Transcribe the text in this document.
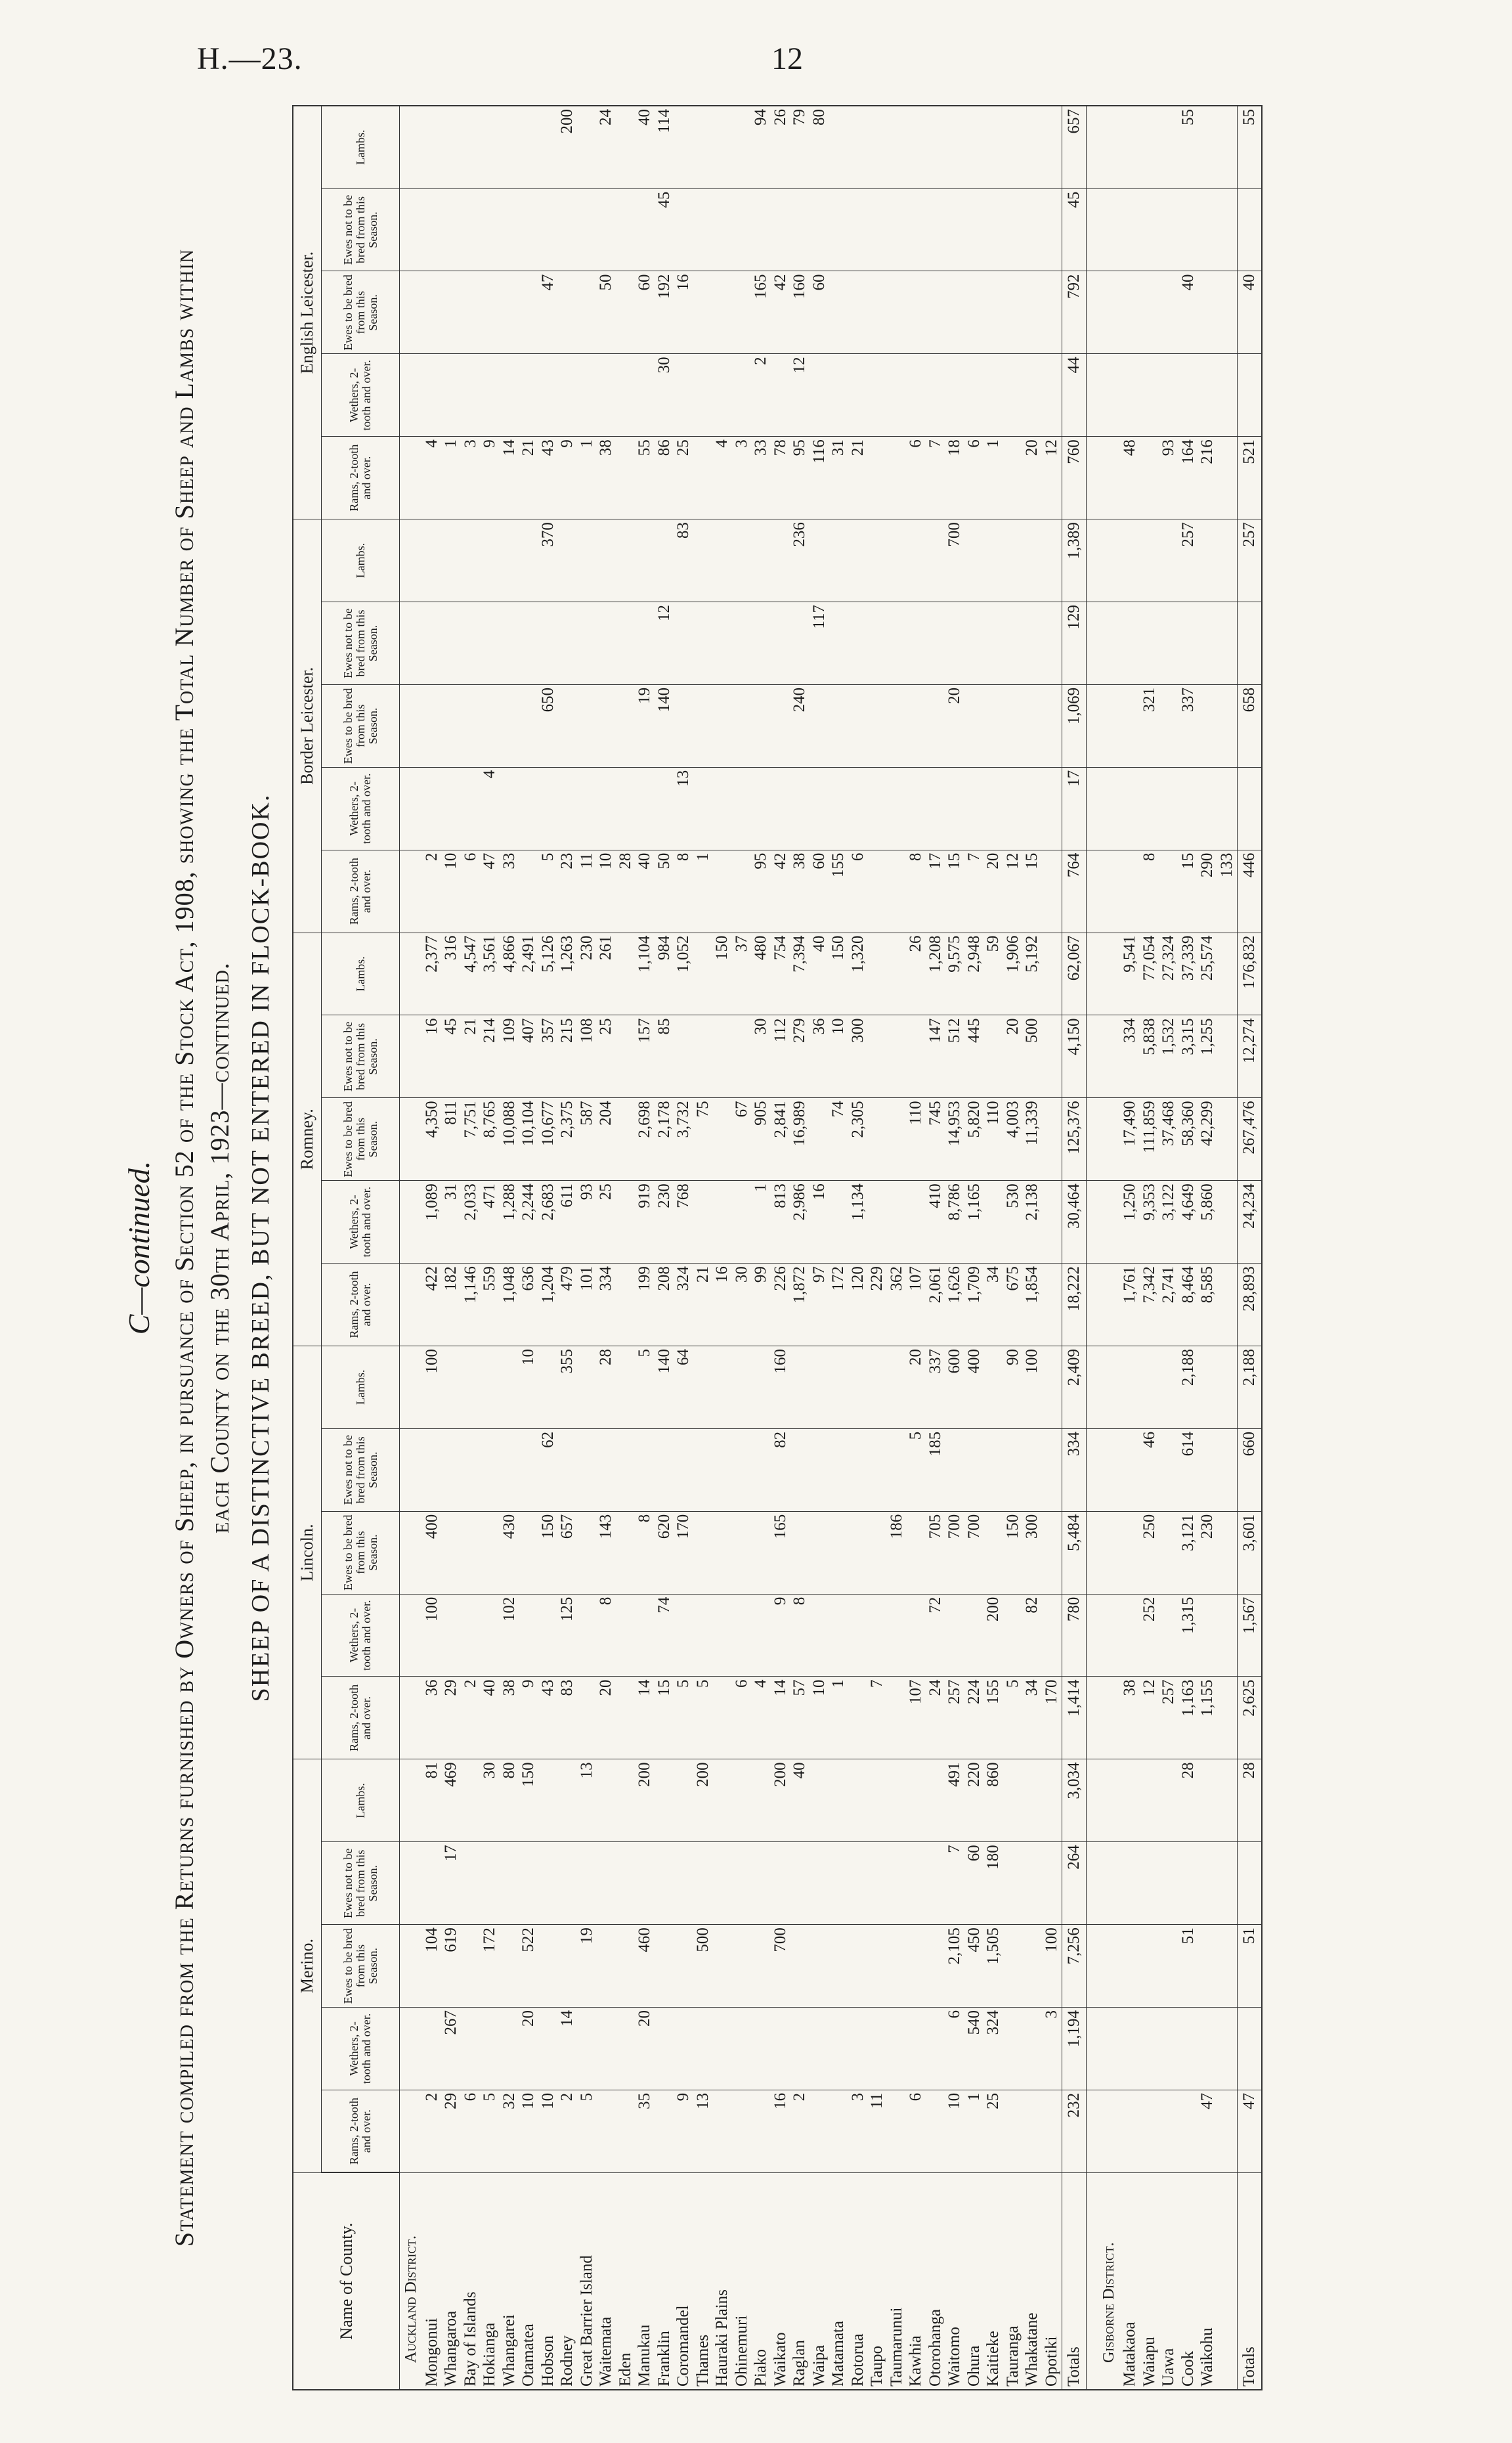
H.—23.	12
C—continued. Statement compiled from the Returns furnished by Owners of Sheep, in pursuance of Section 52 of the Stock Act, 1908, showing the Total Number of Sheep and Lambs within each County on the 30th April, 1923—continued. SHEEP OF A DISTINCTIVE BREED, BUT NOT ENTERED IN FLOCK-BOOK.
Name of County.	Merino.					Lincoln.					Romney.					Border Leicester.					English Leicester.				
	Rams, 2-tooth and over.	Wethers, 2-tooth and over.	Ewes to be bred from this Season.	Ewes not to be bred from this Season.	Lambs.	Rams, 2-tooth and over.	Wethers, 2-tooth and over.	Ewes to be bred from this Season.	Ewes not to be bred from this Season.	Lambs.	Rams, 2-tooth and over.	Wethers, 2-tooth and over.	Ewes to be bred from this Season.	Ewes not to be bred from this Season.	Lambs.	Rams, 2-tooth and over.	Wethers, 2-tooth and over.	Ewes to be bred from this Season.	Ewes not to be bred from this Season.	Lambs.	Rams, 2-tooth and over.	Wethers, 2-tooth and over.	Ewes to be bred from this Season.	Ewes not to be bred from this Season.	Lambs.
Auckland District.																									
Mongonui	2		104		81	36	100	400		100	422	1,089	4,350	16	2,377	2					4				
Whangaroa	29	267	619	17	469	29					182	31	811	45	316	10					1				
Bay of Islands	6					2					1,146	2,033	7,751	21	4,547	6					3				
Hokianga	5		172		30	40					559	471	8,765	214	3,561	47	4				9				
Whangarei	32				80	38	102	430			1,048	1,288	10,088	109	4,866	33					14				
Otamatea	10	20	522		150	9				10	636	2,244	10,104	407	2,491						21				
Hobson	10					43		150	62		1,204	2,683	10,677	357	5,126	5		650		370	43		47		
Rodney	2	14				83	125	657		355	479	611	2,375	215	1,263	23					9				200
Great Barrier Island	5		19		13						101	93	587	108	230	11					1				
Waitemata						20	8	143		28	334	25	204	25	261	10					38		50		24
Eden																28									
Manukau	35	20	460		200	14		8		5	199	919	2,698	157	1,104	40		19			55		60		40
Franklin						15	74	620		140	208	230	2,178	85	984	50		140	12		86	30	192	45	114
Coromandel	9					5		170		64	324	768	3,732		1,052	8	13			83	25		16		
Thames	13		500		200	5					21		75			1									
Hauraki Plains											16				150						4				
Ohinemuri						6					30		67		37						3				
Piako						4					99	1	905	30	480	95					33	2	165		94
Waikato	16		700		200	14	9	165	82	160	226	813	2,841	112	754	42					78		42		26
Raglan	2				40	57	8				1,872	2,986	16,989	279	7,394	38		240		236	95	12	160		79
Waipa						10					97	16		36	40	60			117		116		60		80
Matamata						1					172		74	10	150	155					31				
Rotorua	3										120	1,134	2,305	300	1,320	6					21				
Taupo	11					7					229														
Taumarunui								186			362														
Kawhia	6					107			5	20	107		110		26	8					6				
Otorohanga						24	72	705	185	337	2,061	410	745	147	1,208	17					7				
Waitomo	10	6	2,105	7	491	257		700		600	1,626	8,786	14,953	512	9,575	15		20		700	18				
Ohura	1	540	450	60	220	224		700		400	1,709	1,165	5,820	445	2,948	7					6				
Kaitieke	25	324	1,505	180	860	155	200				34		110		59	20					1				
Tauranga						5		150		90	675	530	4,003	20	1,906	12									
Whakatane						34	82	300		100	1,854	2,138	11,339	500	5,192	15					20				
Opotiki		3	100			170															12				
Totals	232	1,194	7,256	264	3,034	1,414	780	5,484	334	2,409	18,222	30,464	125,376	4,150	62,067	764	17	1,069	129	1,389	760	44	792	45	657

Gisborne District.																									
Matakaoa						38					1,761	1,250	17,490	334	9,541						48				
Waiapu						12	252	250	46		7,342	9,353	111,859	5,838	77,054	8		321							
Uawa						257					2,741	3,122	37,468	1,532	27,324						93				
Cook			51		28	1,163	1,315	3,121	614	2,188	8,464	4,649	58,360	3,315	37,339	15		337		257	164		40		55
Waikohu	47					1,155		230			8,585	5,860	42,299	1,255	25,574	290					216				
																133									
Totals	47		51		28	2,625	1,567	3,601	660	2,188	28,893	24,234	267,476	12,274	176,832	446		658		257	521		40		55
